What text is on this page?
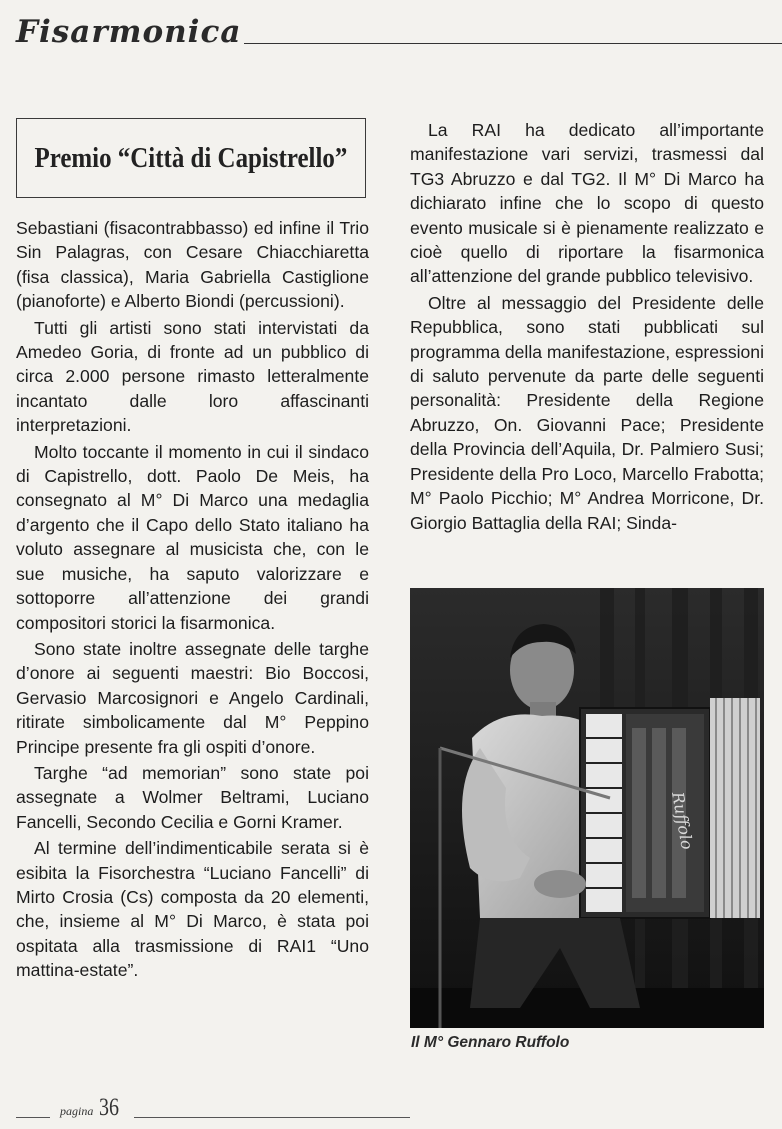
Fisarmonica
Premio “Città di Capistrello”

Sebastiani (fisacontrabbasso) ed infine il Trio Sin Palagras, con Cesare Chiacchiaretta (fisa classica), Maria Gabriella Castiglione (pianoforte) e Alberto Biondi (percussioni).

Tutti gli artisti sono stati intervistati da Amedeo Goria, di fronte ad un pubblico di circa 2.000 persone rimasto letteralmente incantato dalle loro affascinanti interpretazioni.

Molto toccante il momento in cui il sindaco di Capistrello, dott. Paolo De Meis, ha consegnato al M° Di Marco una medaglia d’argento che il Capo dello Stato italiano ha voluto assegnare al musicista che, con le sue musiche, ha saputo valorizzare e sottoporre all’attenzione dei grandi compositori storici la fisarmonica.

Sono state inoltre assegnate delle targhe d’onore ai seguenti maestri: Bio Boccosi, Gervasio Marcosignori e Angelo Cardinali, ritirate simbolicamente dal M° Peppino Principe presente fra gli ospiti d’onore.

Targhe “ad memorian” sono state poi assegnate a Wolmer Beltrami, Luciano Fancelli, Secondo Cecilia e Gorni Kramer.

Al termine dell’indimenticabile serata si è esibita la Fisorchestra “Luciano Fancelli” di Mirto Crosia (Cs) composta da 20 elementi, che, insieme al M° Di Marco, è stata poi ospitata alla trasmissione di RAI1 “Uno mattina-estate”.

La RAI ha dedicato all’importante manifestazione vari servizi, trasmessi dal TG3 Abruzzo e dal TG2. Il M° Di Marco ha dichiarato infine che lo scopo di questo evento musicale si è pienamente realizzato e cioè quello di riportare la fisarmonica all’attenzione del grande pubblico televisivo.

Oltre al messaggio del Presidente delle Repubblica, sono stati pubblicati sul programma della manifestazione, espressioni di saluto pervenute da parte delle seguenti personalità: Presidente della Regione Abruzzo, On. Giovanni Pace; Presidente della Provincia dell’Aquila, Dr. Palmiero Susi; Presidente della Pro Loco, Marcello Frabotta; M° Paolo Picchio; M° Andrea Morricone, Dr. Giorgio Battaglia della RAI; Sinda-

Ruffolo
Il M° Gennaro Ruffolo
pagina 36
